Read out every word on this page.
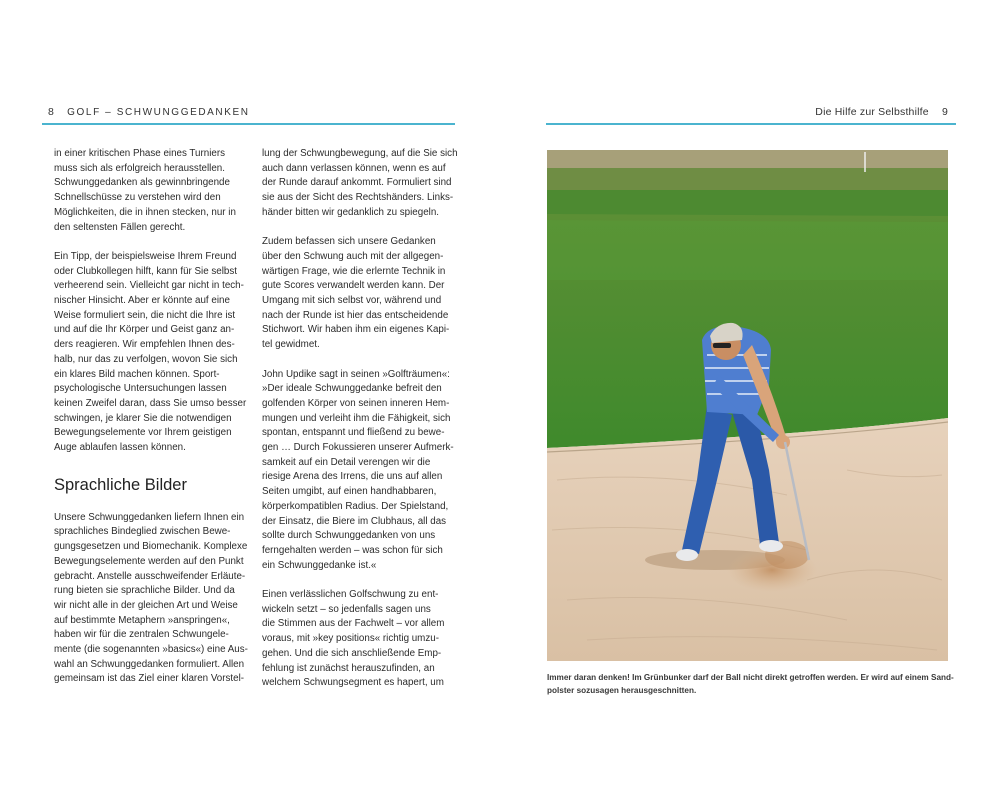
8 GOLF – SCHWUNGGEDANKEN

in einer kritischen Phase eines Turniers
muss sich als erfolgreich herausstellen.
Schwunggedanken als gewinnbringende
Schnellschüsse zu verstehen wird den
Möglichkeiten, die in ihnen stecken, nur in
den seltensten Fällen gerecht.

Ein Tipp, der beispielsweise Ihrem Freund
oder Clubkollegen hilft, kann für Sie selbst
verheerend sein. Vielleicht gar nicht in tech-
nischer Hinsicht. Aber er könnte auf eine
Weise formuliert sein, die nicht die Ihre ist
und auf die Ihr Körper und Geist ganz an-
ders reagieren. Wir empfehlen Ihnen des-
halb, nur das zu verfolgen, wovon Sie sich
ein klares Bild machen können. Sport-
psychologische Untersuchungen lassen
keinen Zweifel daran, dass Sie umso besser
schwingen, je klarer Sie die notwendigen
Bewegungselemente vor Ihrem geistigen
Auge ablaufen lassen können.

Sprachliche Bilder

Unsere Schwunggedanken liefern Ihnen ein
sprachliches Bindeglied zwischen Bewe-
gungsgesetzen und Biomechanik. Komplexe
Bewegungselemente werden auf den Punkt
gebracht. Anstelle ausschweifender Erläute-
rung bieten sie sprachliche Bilder. Und da
wir nicht alle in der gleichen Art und Weise
auf bestimmte Metaphern »anspringen«,
haben wir für die zentralen Schwungele-
mente (die sogenannten »basics«) eine Aus-
wahl an Schwunggedanken formuliert. Allen
gemeinsam ist das Ziel einer klaren Vorstel-

lung der Schwungbewegung, auf die Sie sich
auch dann verlassen können, wenn es auf
der Runde darauf ankommt. Formuliert sind
sie aus der Sicht des Rechtshänders. Links-
händer bitten wir gedanklich zu spiegeln.

Zudem befassen sich unsere Gedanken
über den Schwung auch mit der allgegen-
wärtigen Frage, wie die erlernte Technik in
gute Scores verwandelt werden kann. Der
Umgang mit sich selbst vor, während und
nach der Runde ist hier das entscheidende
Stichwort. Wir haben ihm ein eigenes Kapi-
tel gewidmet.

John Updike sagt in seinen »Golfträumen«:
»Der ideale Schwunggedanke befreit den
golfenden Körper von seinen inneren Hem-
mungen und verleiht ihm die Fähigkeit, sich
spontan, entspannt und fließend zu bewe-
gen … Durch Fokussieren unserer Aufmerk-
samkeit auf ein Detail verengen wir die
riesige Arena des Irrens, die uns auf allen
Seiten umgibt, auf einen handhabbaren,
körperkompatiblen Radius. Der Spielstand,
der Einsatz, die Biere im Clubhaus, all das
sollte durch Schwunggedanken von uns
ferngehalten werden – was schon für sich
ein Schwunggedanke ist.«

Einen verlässlichen Golfschwung zu ent-
wickeln setzt – so jedenfalls sagen uns
die Stimmen aus der Fachwelt – vor allem
voraus, mit »key positions« richtig umzu-
gehen. Und die sich anschließende Emp-
fehlung ist zunächst herauszufinden, an
welchem Schwungsegment es hapert, um

Die Hilfe zur Selbsthilfe 9
Immer daran denken! Im Grünbunker darf der Ball nicht direkt getroffen werden. Er wird auf einem Sand-
polster sozusagen herausgeschnitten.
